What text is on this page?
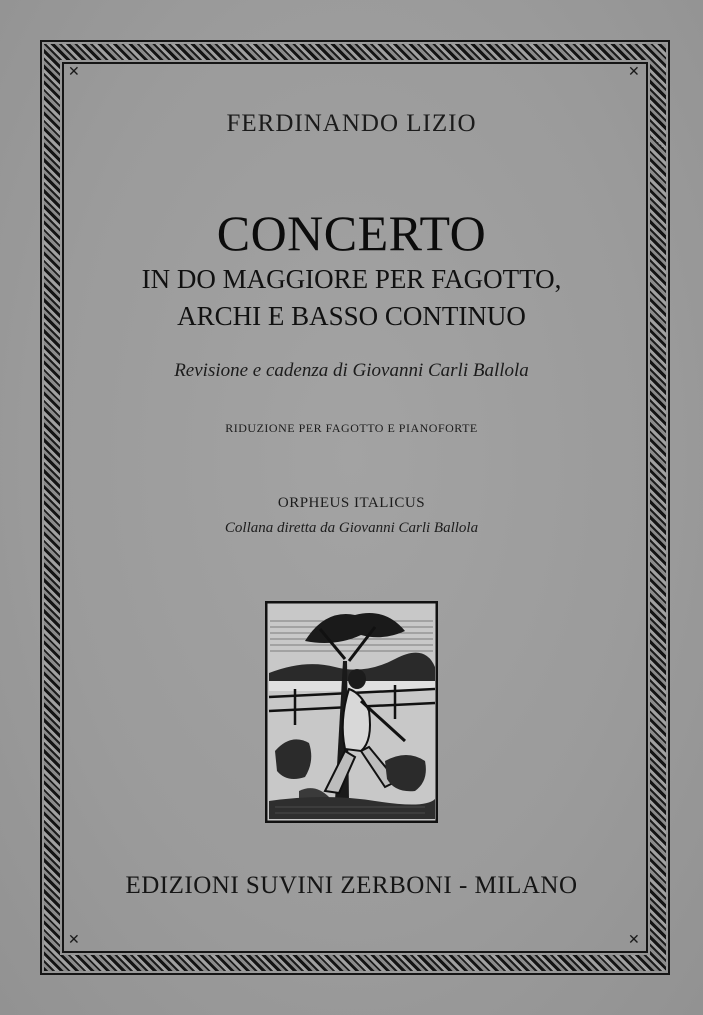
✕	✕
✕	✕
FERDINANDO LIZIO
CONCERTO
IN DO MAGGIORE PER FAGOTTO,
ARCHI E BASSO CONTINUO
Revisione e cadenza di Giovanni Carli Ballola
RIDUZIONE PER FAGOTTO E PIANOFORTE
ORPHEUS ITALICUS
Collana diretta da Giovanni Carli Ballola
EDIZIONI SUVINI ZERBONI - MILANO
